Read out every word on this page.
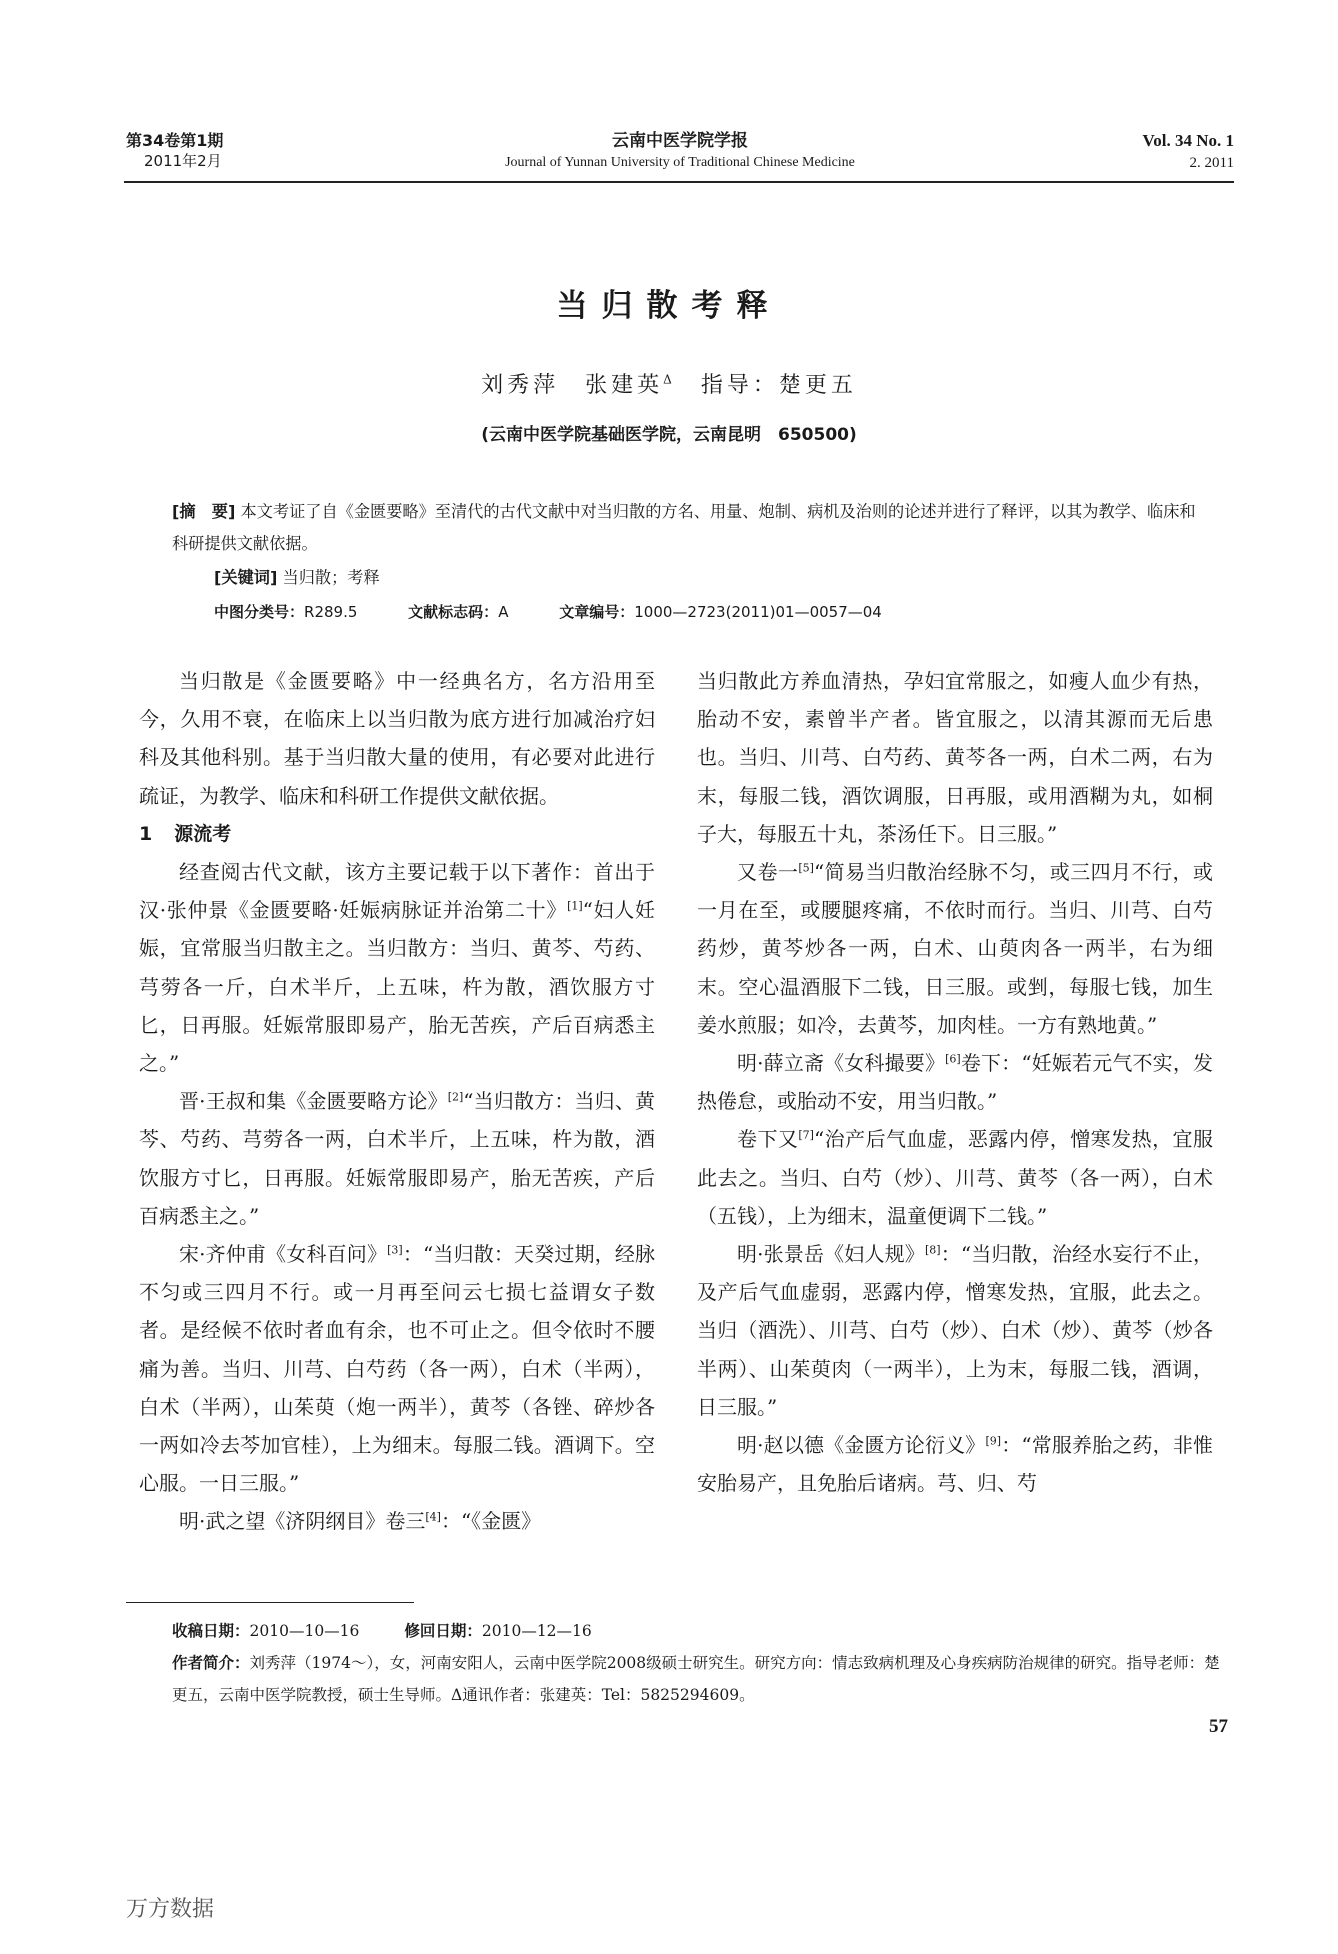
第34卷第1期
2011年2月
云南中医学院学报
Journal of Yunnan University of Traditional Chinese Medicine
Vol. 34 No. 1
2. 2011
当归散考释
刘秀萍　张建英$^\Delta$ 指导：楚更五
(云南中医学院基础医学院，云南昆明　650500)
[摘　要] 本文考证了自《金匮要略》至清代的古代文献中对当归散的方名、用量、炮制、病机及治则的论述并进行了释评，以其为教学、临床和科研提供文献依据。
[关键词] 当归散；考释
中图分类号：R289.5	文献标志码：A	文章编号：1000—2723(2011)01—0057—04

当归散是《金匮要略》中一经典名方，名方沿用至今，久用不衰，在临床上以当归散为底方进行加减治疗妇科及其他科别。基于当归散大量的使用，有必要对此进行疏证，为教学、临床和科研工作提供文献依据。

1 源流考

经查阅古代文献，该方主要记载于以下著作：首出于汉·张仲景《金匮要略·妊娠病脉证并治第二十》[1]“妇人妊娠，宜常服当归散主之。当归散方：当归、黄芩、芍药、芎䓖各一斤，白术半斤，上五味，杵为散，酒饮服方寸匕，日再服。妊娠常服即易产，胎无苦疾，产后百病悉主之。”

晋·王叔和集《金匮要略方论》[2]“当归散方：当归、黄芩、芍药、芎䓖各一两，白术半斤，上五味，杵为散，酒饮服方寸匕，日再服。妊娠常服即易产，胎无苦疾，产后百病悉主之。”

宋·齐仲甫《女科百问》[3]：“当归散：天癸过期，经脉不匀或三四月不行。或一月再至问云七损七益谓女子数者。是经候不依时者血有余，也不可止之。但令依时不腰痛为善。当归、川芎、白芍药（各一两），白术（半两），白术（半两），山茱萸（炮一两半），黄芩（各锉、碎炒各一两如冷去芩加官桂），上为细末。每服二钱。酒调下。空心服。一日三服。”

明·武之望《济阴纲目》卷三[4]：“《金匮》

当归散此方养血清热，孕妇宜常服之，如瘦人血少有热，胎动不安，素曾半产者。皆宜服之，以清其源而无后患也。当归、川芎、白芍药、黄芩各一两，白术二两，右为末，每服二钱，酒饮调服，日再服，或用酒糊为丸，如桐子大，每服五十丸，茶汤任下。日三服。”

又卷一[5]“简易当归散治经脉不匀，或三四月不行，或一月在至，或腰腿疼痛，不依时而行。当归、川芎、白芍药炒，黄芩炒各一两，白术、山萸肉各一两半，右为细末。空心温酒服下二钱，日三服。或剉，每服七钱，加生姜水煎服；如冷，去黄芩，加肉桂。一方有熟地黄。”

明·薛立斋《女科撮要》[6]卷下：“妊娠若元气不实，发热倦怠，或胎动不安，用当归散。”

卷下又[7]“治产后气血虚，恶露内停，憎寒发热，宜服此去之。当归、白芍（炒）、川芎、黄芩（各一两），白术（五钱），上为细末，温童便调下二钱。”

明·张景岳《妇人规》[8]：“当归散，治经水妄行不止，及产后气血虚弱，恶露内停，憎寒发热，宜服，此去之。当归（酒洗）、川芎、白芍（炒）、白术（炒）、黄芩（炒各半两）、山茱萸肉（一两半），上为末，每服二钱，酒调，日三服。”

明·赵以德《金匮方论衍义》[9]：“常服养胎之药，非惟安胎易产，且免胎后诸病。芎、归、芍

收稿日期：2010—10—16	修回日期：2010—12—16
作者简介：刘秀萍（1974～），女，河南安阳人，云南中医学院2008级硕士研究生。研究方向：情志致病机理及心身疾病防治规律的研究。指导老师：楚更五，云南中医学院教授，硕士生导师。Δ通讯作者：张建英：Tel：5825294609。
57
万方数据
